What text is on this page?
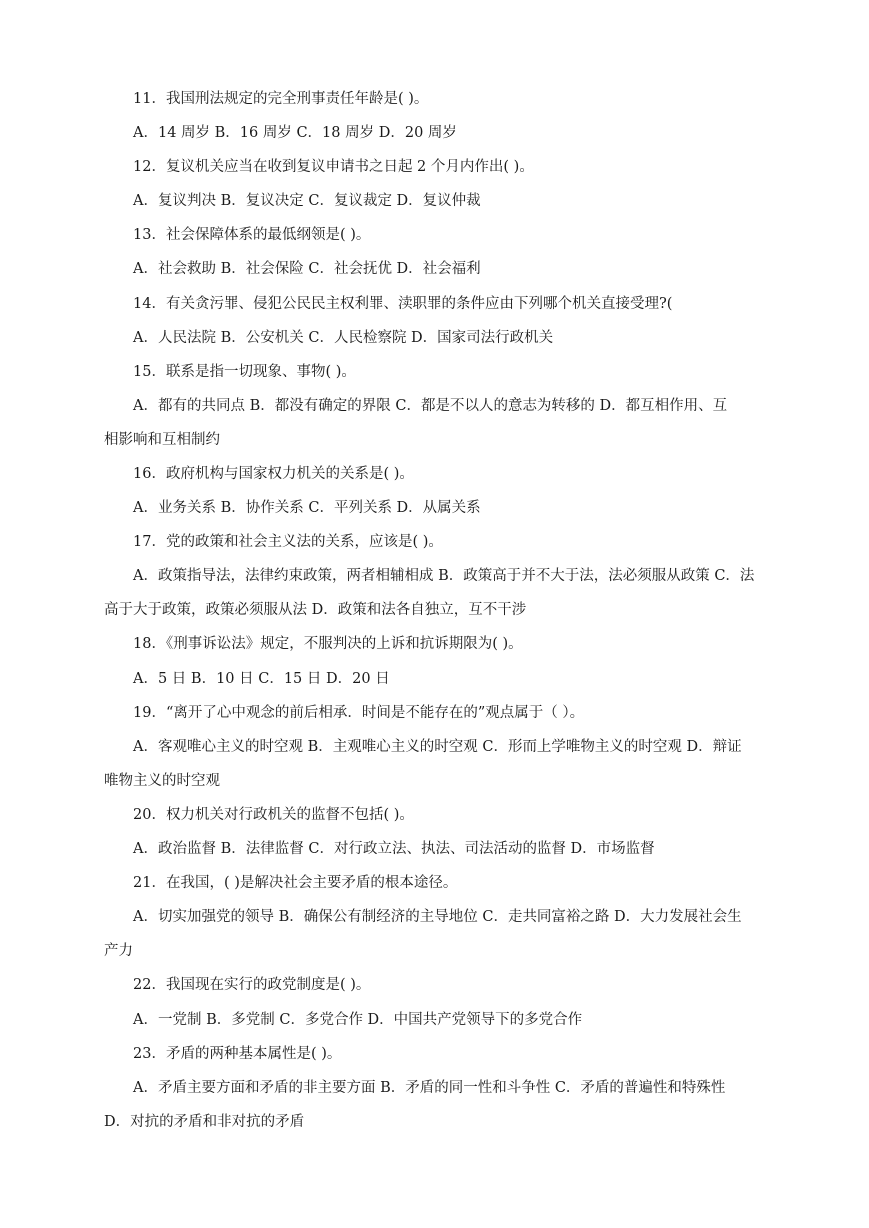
11．我国刑法规定的完全刑事责任年龄是( )。
A．14 周岁 B．16 周岁 C．18 周岁 D．20 周岁
12．复议机关应当在收到复议申请书之日起 2 个月内作出( )。
A．复议判决 B．复议决定 C．复议裁定 D．复议仲裁
13．社会保障体系的最低纲领是( )。
A．社会救助 B．社会保险 C．社会抚优 D．社会福利
14．有关贪污罪、侵犯公民民主权利罪、渎职罪的条件应由下列哪个机关直接受理?(
A．人民法院 B．公安机关 C．人民检察院 D．国家司法行政机关
15．联系是指一切现象、事物( )。
A．都有的共同点 B．都没有确定的界限 C．都是不以人的意志为转移的 D．都互相作用、互
相影响和互相制约
16．政府机构与国家权力机关的关系是( )。
A．业务关系 B．协作关系 C．平列关系 D．从属关系
17．党的政策和社会主义法的关系，应该是( )。
A．政策指导法，法律约束政策，两者相辅相成 B．政策高于并不大于法，法必须服从政策 C．法
高于大于政策，政策必须服从法 D．政策和法各自独立，互不干涉
18．《刑事诉讼法》规定，不服判决的上诉和抗诉期限为( )。
A．5 日 B．10 日 C．15 日 D．20 日
19．“离开了心中观念的前后相承．时间是不能存在的”观点属于（ ）。
A．客观唯心主义的时空观 B．主观唯心主义的时空观 C．形而上学唯物主义的时空观 D．辩证
唯物主义的时空观
20．权力机关对行政机关的监督不包括( )。
A．政治监督 B．法律监督 C．对行政立法、执法、司法活动的监督 D．市场监督
21．在我国，( )是解决社会主要矛盾的根本途径。
A．切实加强党的领导 B．确保公有制经济的主导地位 C．走共同富裕之路 D．大力发展社会生
产力
22．我国现在实行的政党制度是( )。
A．一党制 B．多党制 C．多党合作 D．中国共产党领导下的多党合作
23．矛盾的两种基本属性是( )。
A．矛盾主要方面和矛盾的非主要方面 B．矛盾的同一性和斗争性 C．矛盾的普遍性和特殊性
D．对抗的矛盾和非对抗的矛盾
